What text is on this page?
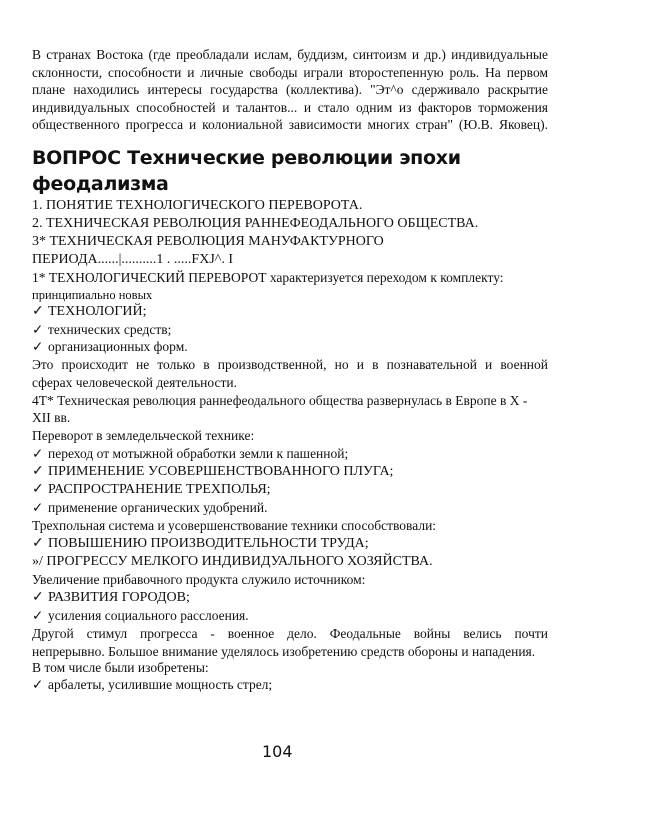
В странах Востока (где преобладали ислам, буддизм, синтоизм и др.) индивидуальные
склонности, способности и личные свободы играли второстепенную роль. На первом
плане находились интересы государства (коллектива). "Эт^о сдерживало раскрытие
индивидуальных способностей и талантов... и стало одним из факторов торможения
общественного прогресса и колониальной зависимости многих стран" (Ю.В. Яковец).
ВОПРОС Технические революции эпохи
феодализма
1. ПОНЯТИЕ ТЕХНОЛОГИЧЕСКОГО ПЕРЕВОРОТА.
2. ТЕХНИЧЕСКАЯ РЕВОЛЮЦИЯ РАННЕФЕОДАЛЬНОГО ОБЩЕСТВА.
3* ТЕХНИЧЕСКАЯ РЕВОЛЮЦИЯ МАНУФАКТУРНОГО
ПЕРИОДА......|..........1 . .....FXJ^. I
1* ТЕХНОЛОГИЧЕСКИЙ ПЕРЕВОРОТ характеризуется переходом к комплекту:
принципиально новых
✓ ТЕХНОЛОГИЙ;
✓ технических средств;
✓ организационных форм.
Это происходит не только в производственной, но и в познавательной и военной
сферах человеческой деятельности.
4Т* Техническая революция раннефеодального общества развернулась в Европе в X -
XII вв.
Переворот в земледельческой технике:
✓ переход от мотыжной обработки земли к пашенной;
✓ ПРИМЕНЕНИЕ УСОВЕРШЕНСТВОВАННОГО ПЛУГА;
✓ РАСПРОСТРАНЕНИЕ ТРЕХПОЛЬЯ;
✓ применение органических удобрений.
Трехпольная система и усовершенствование техники способствовали:
✓ ПОВЫШЕНИЮ ПРОИЗВОДИТЕЛЬНОСТИ ТРУДА;
»/ ПРОГРЕССУ МЕЛКОГО ИНДИВИДУАЛЬНОГО ХОЗЯЙСТВА.
Увеличение прибавочного продукта служило источником:
✓ РАЗВИТИЯ ГОРОДОВ;
✓ усиления социального расслоения.
Другой стимул прогресса - военное дело. Феодальные войны велись почти
непрерывно. Большое внимание уделялось изобретению средств обороны и нападения.
В том числе были изобретены:
✓ арбалеты, усилившие мощность стрел;
104
